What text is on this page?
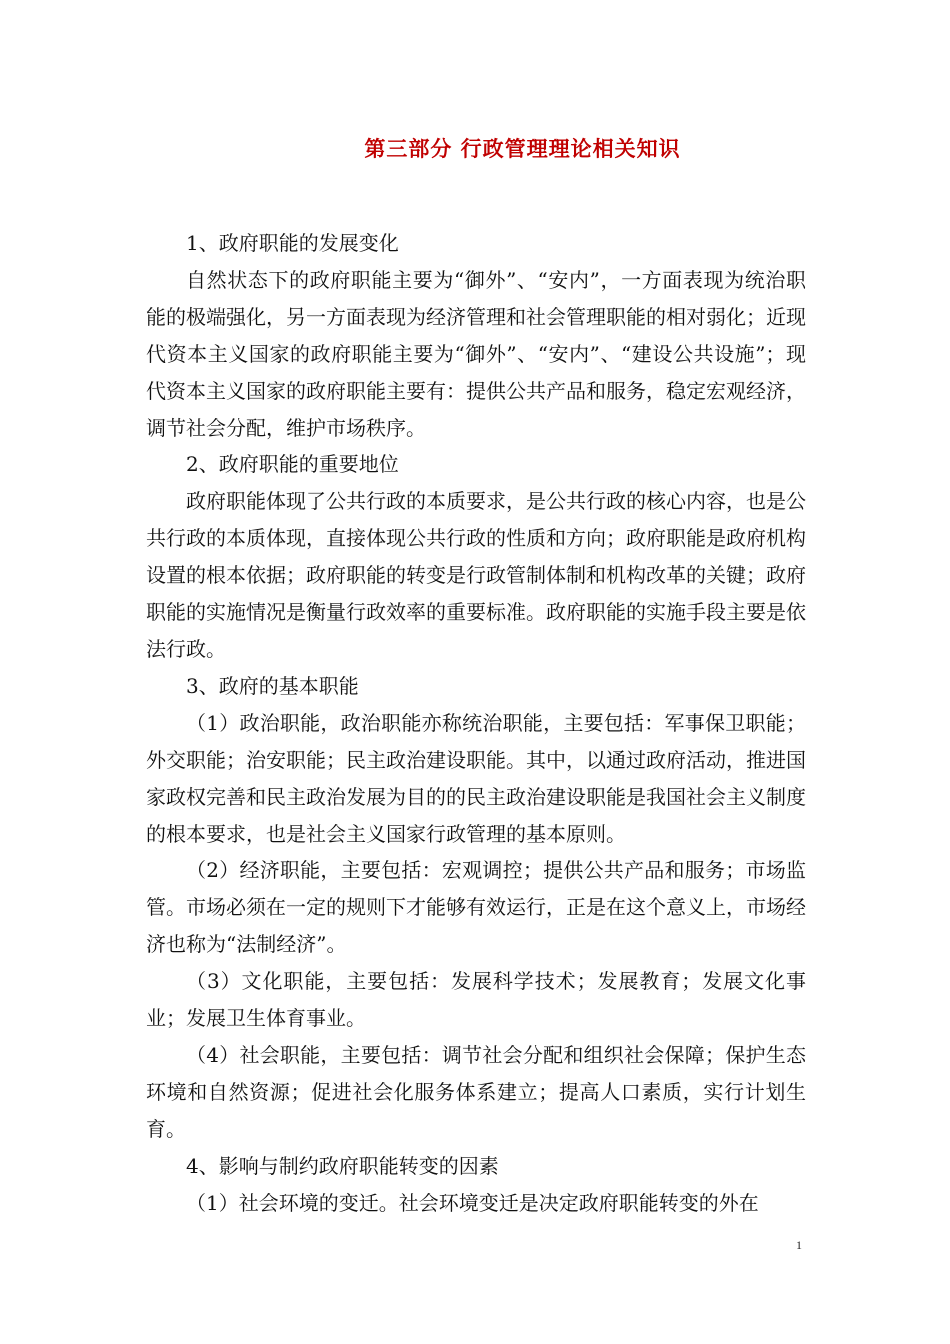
第三部分 行政管理理论相关知识

1、政府职能的发展变化

自然状态下的政府职能主要为“御外”、“安内”，一方面表现为统治职能的极端强化，另一方面表现为经济管理和社会管理职能的相对弱化；近现代资本主义国家的政府职能主要为“御外”、“安内”、“建设公共设施”；现代资本主义国家的政府职能主要有：提供公共产品和服务，稳定宏观经济，调节社会分配，维护市场秩序。

2、政府职能的重要地位

政府职能体现了公共行政的本质要求，是公共行政的核心内容，也是公共行政的本质体现，直接体现公共行政的性质和方向；政府职能是政府机构设置的根本依据；政府职能的转变是行政管制体制和机构改革的关键；政府职能的实施情况是衡量行政效率的重要标准。政府职能的实施手段主要是依法行政。

3、政府的基本职能

（1）政治职能，政治职能亦称统治职能，主要包括：军事保卫职能；外交职能；治安职能；民主政治建设职能。其中，以通过政府活动，推进国家政权完善和民主政治发展为目的的民主政治建设职能是我国社会主义制度的根本要求，也是社会主义国家行政管理的基本原则。

（2）经济职能，主要包括：宏观调控；提供公共产品和服务；市场监管。市场必须在一定的规则下才能够有效运行，正是在这个意义上，市场经济也称为“法制经济”。

（3）文化职能，主要包括：发展科学技术；发展教育；发展文化事业；发展卫生体育事业。

（4）社会职能，主要包括：调节社会分配和组织社会保障；保护生态环境和自然资源；促进社会化服务体系建立；提高人口素质，实行计划生育。

4、影响与制约政府职能转变的因素

（1）社会环境的变迁。社会环境变迁是决定政府职能转变的外在

1
